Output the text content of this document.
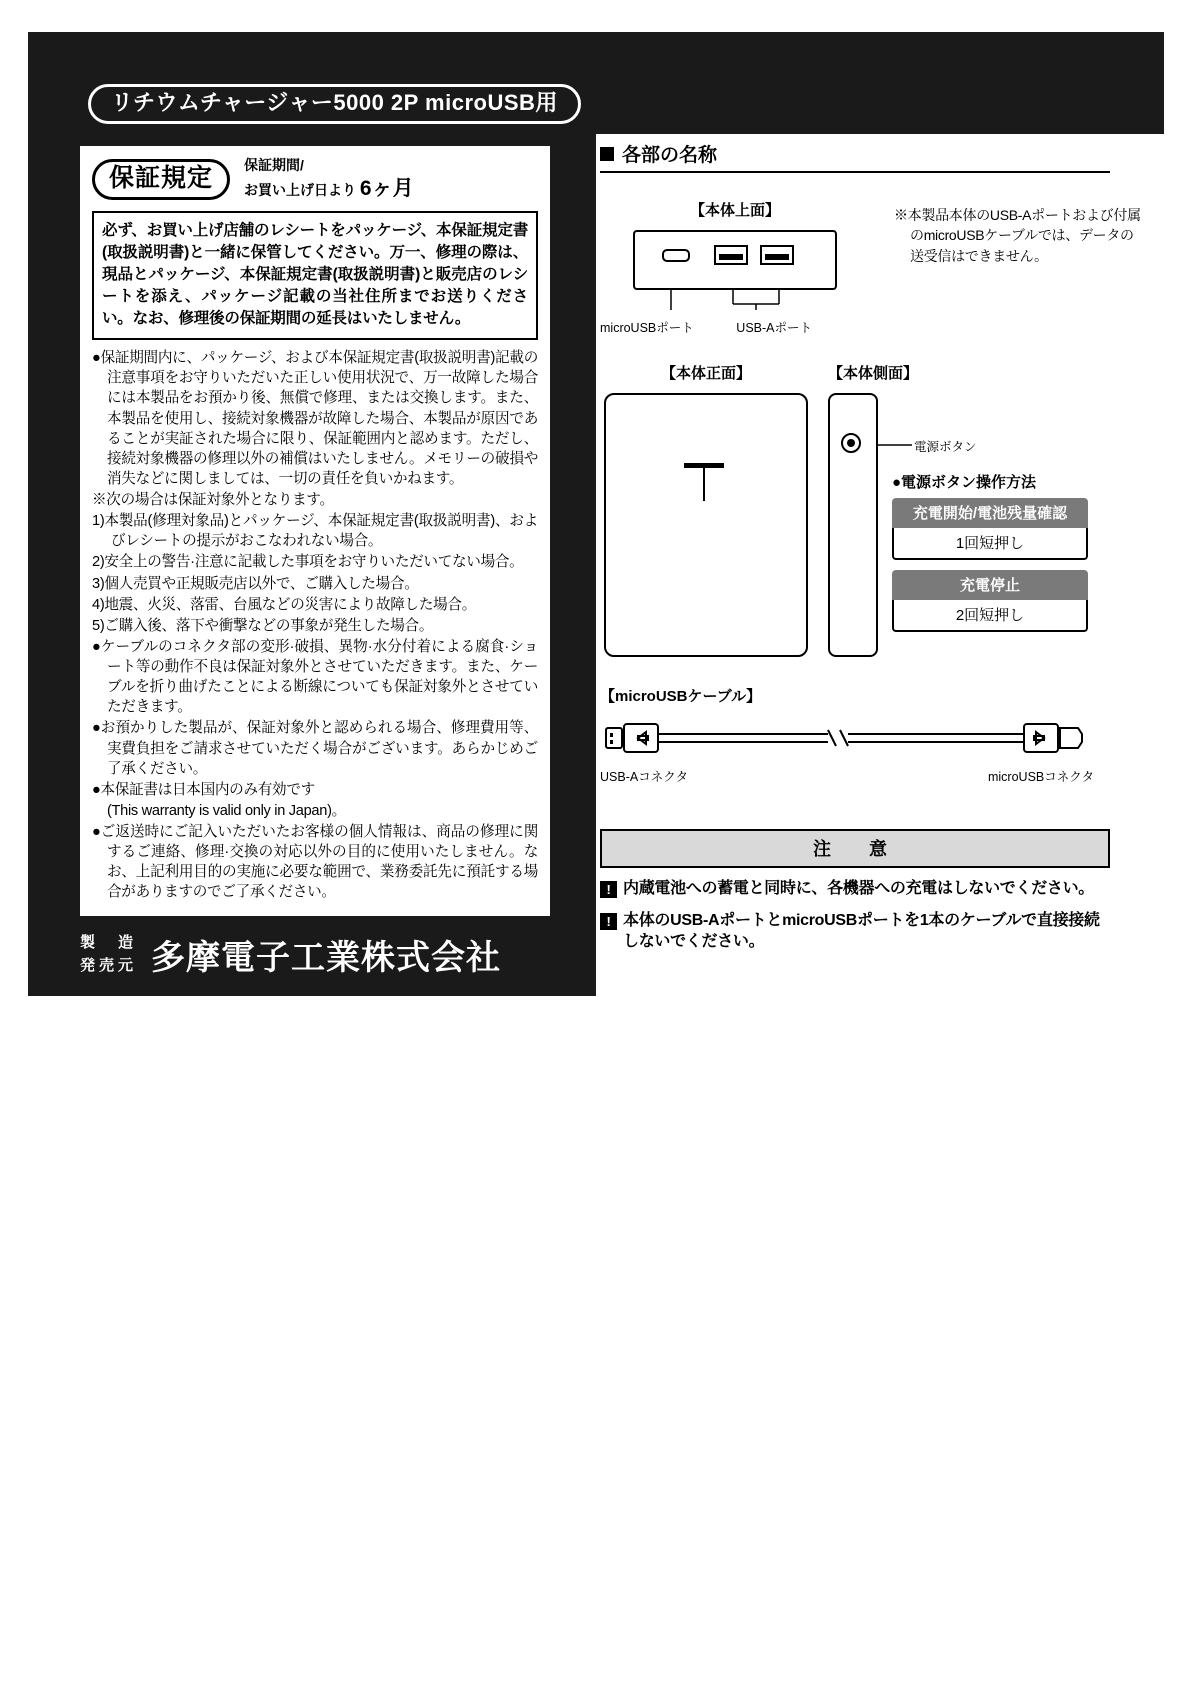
リチウムチャージャー5000 2P microUSB用
保証規定	保証期間/
お買い上げ日より 6ヶ月
必ず、お買い上げ店舗のレシートをパッケージ、本保証規定書(取扱説明書)と一緒に保管してください。万一、修理の際は、現品とパッケージ、本保証規定書(取扱説明書)と販売店のレシートを添え、パッケージ記載の当社住所までお送りください。なお、修理後の保証期間の延長はいたしません。

●保証期間内に、パッケージ、および本保証規定書(取扱説明書)記載の注意事項をお守りいただいた正しい使用状況で、万一故障した場合には本製品をお預かり後、無償で修理、または交換します。また、本製品を使用し、接続対象機器が故障した場合、本製品が原因であることが実証された場合に限り、保証範囲内と認めます。ただし、接続対象機器の修理以外の補償はいたしません。メモリーの破損や消失などに関しましては、一切の責任を負いかねます。

※次の場合は保証対象外となります。

1)本製品(修理対象品)とパッケージ、本保証規定書(取扱説明書)、およびレシートの提示がおこなわれない場合。

2)安全上の警告·注意に記載した事項をお守りいただいてない場合。

3)個人売買や正規販売店以外で、ご購入した場合。

4)地震、火災、落雷、台風などの災害により故障した場合。

5)ご購入後、落下や衝撃などの事象が発生した場合。

●ケーブルのコネクタ部の変形·破損、異物·水分付着による腐食·ショート等の動作不良は保証対象外とさせていただきます。また、ケーブルを折り曲げたことによる断線についても保証対象外とさせていただきます。

●お預かりした製品が、保証対象外と認められる場合、修理費用等、実費負担をご請求させていただく場合がございます。あらかじめご了承ください。

●本保証書は日本国内のみ有効です

(This warranty is valid only in Japan)。

●ご返送時にご記入いただいたお客様の個人情報は、商品の修理に関するご連絡、修理·交換の対応以外の目的に使用いたしません。なお、上記利用目的の実施に必要な範囲で、業務委託先に預託する場合がありますのでご了承ください。

製　造
発売元 多摩電子工業株式会社
各部の名称
【本体上面】
microUSBポート	USB-Aポート

※本製品本体のUSB-Aポートおよび付属のmicroUSBケーブルでは、データの送受信はできません。

【本体正面】	【本体側面】
電源ボタン
●電源ボタン操作方法
充電開始/電池残量確認
1回短押し
充電停止
2回短押し
【microUSBケーブル】
USB-Aコネクタ	microUSBコネクタ
注　意
! 内蔵電池への蓄電と同時に、各機器への充電はしないでください。
! 本体のUSB-AポートとmicroUSBポートを1本のケーブルで直接接続しないでください。
